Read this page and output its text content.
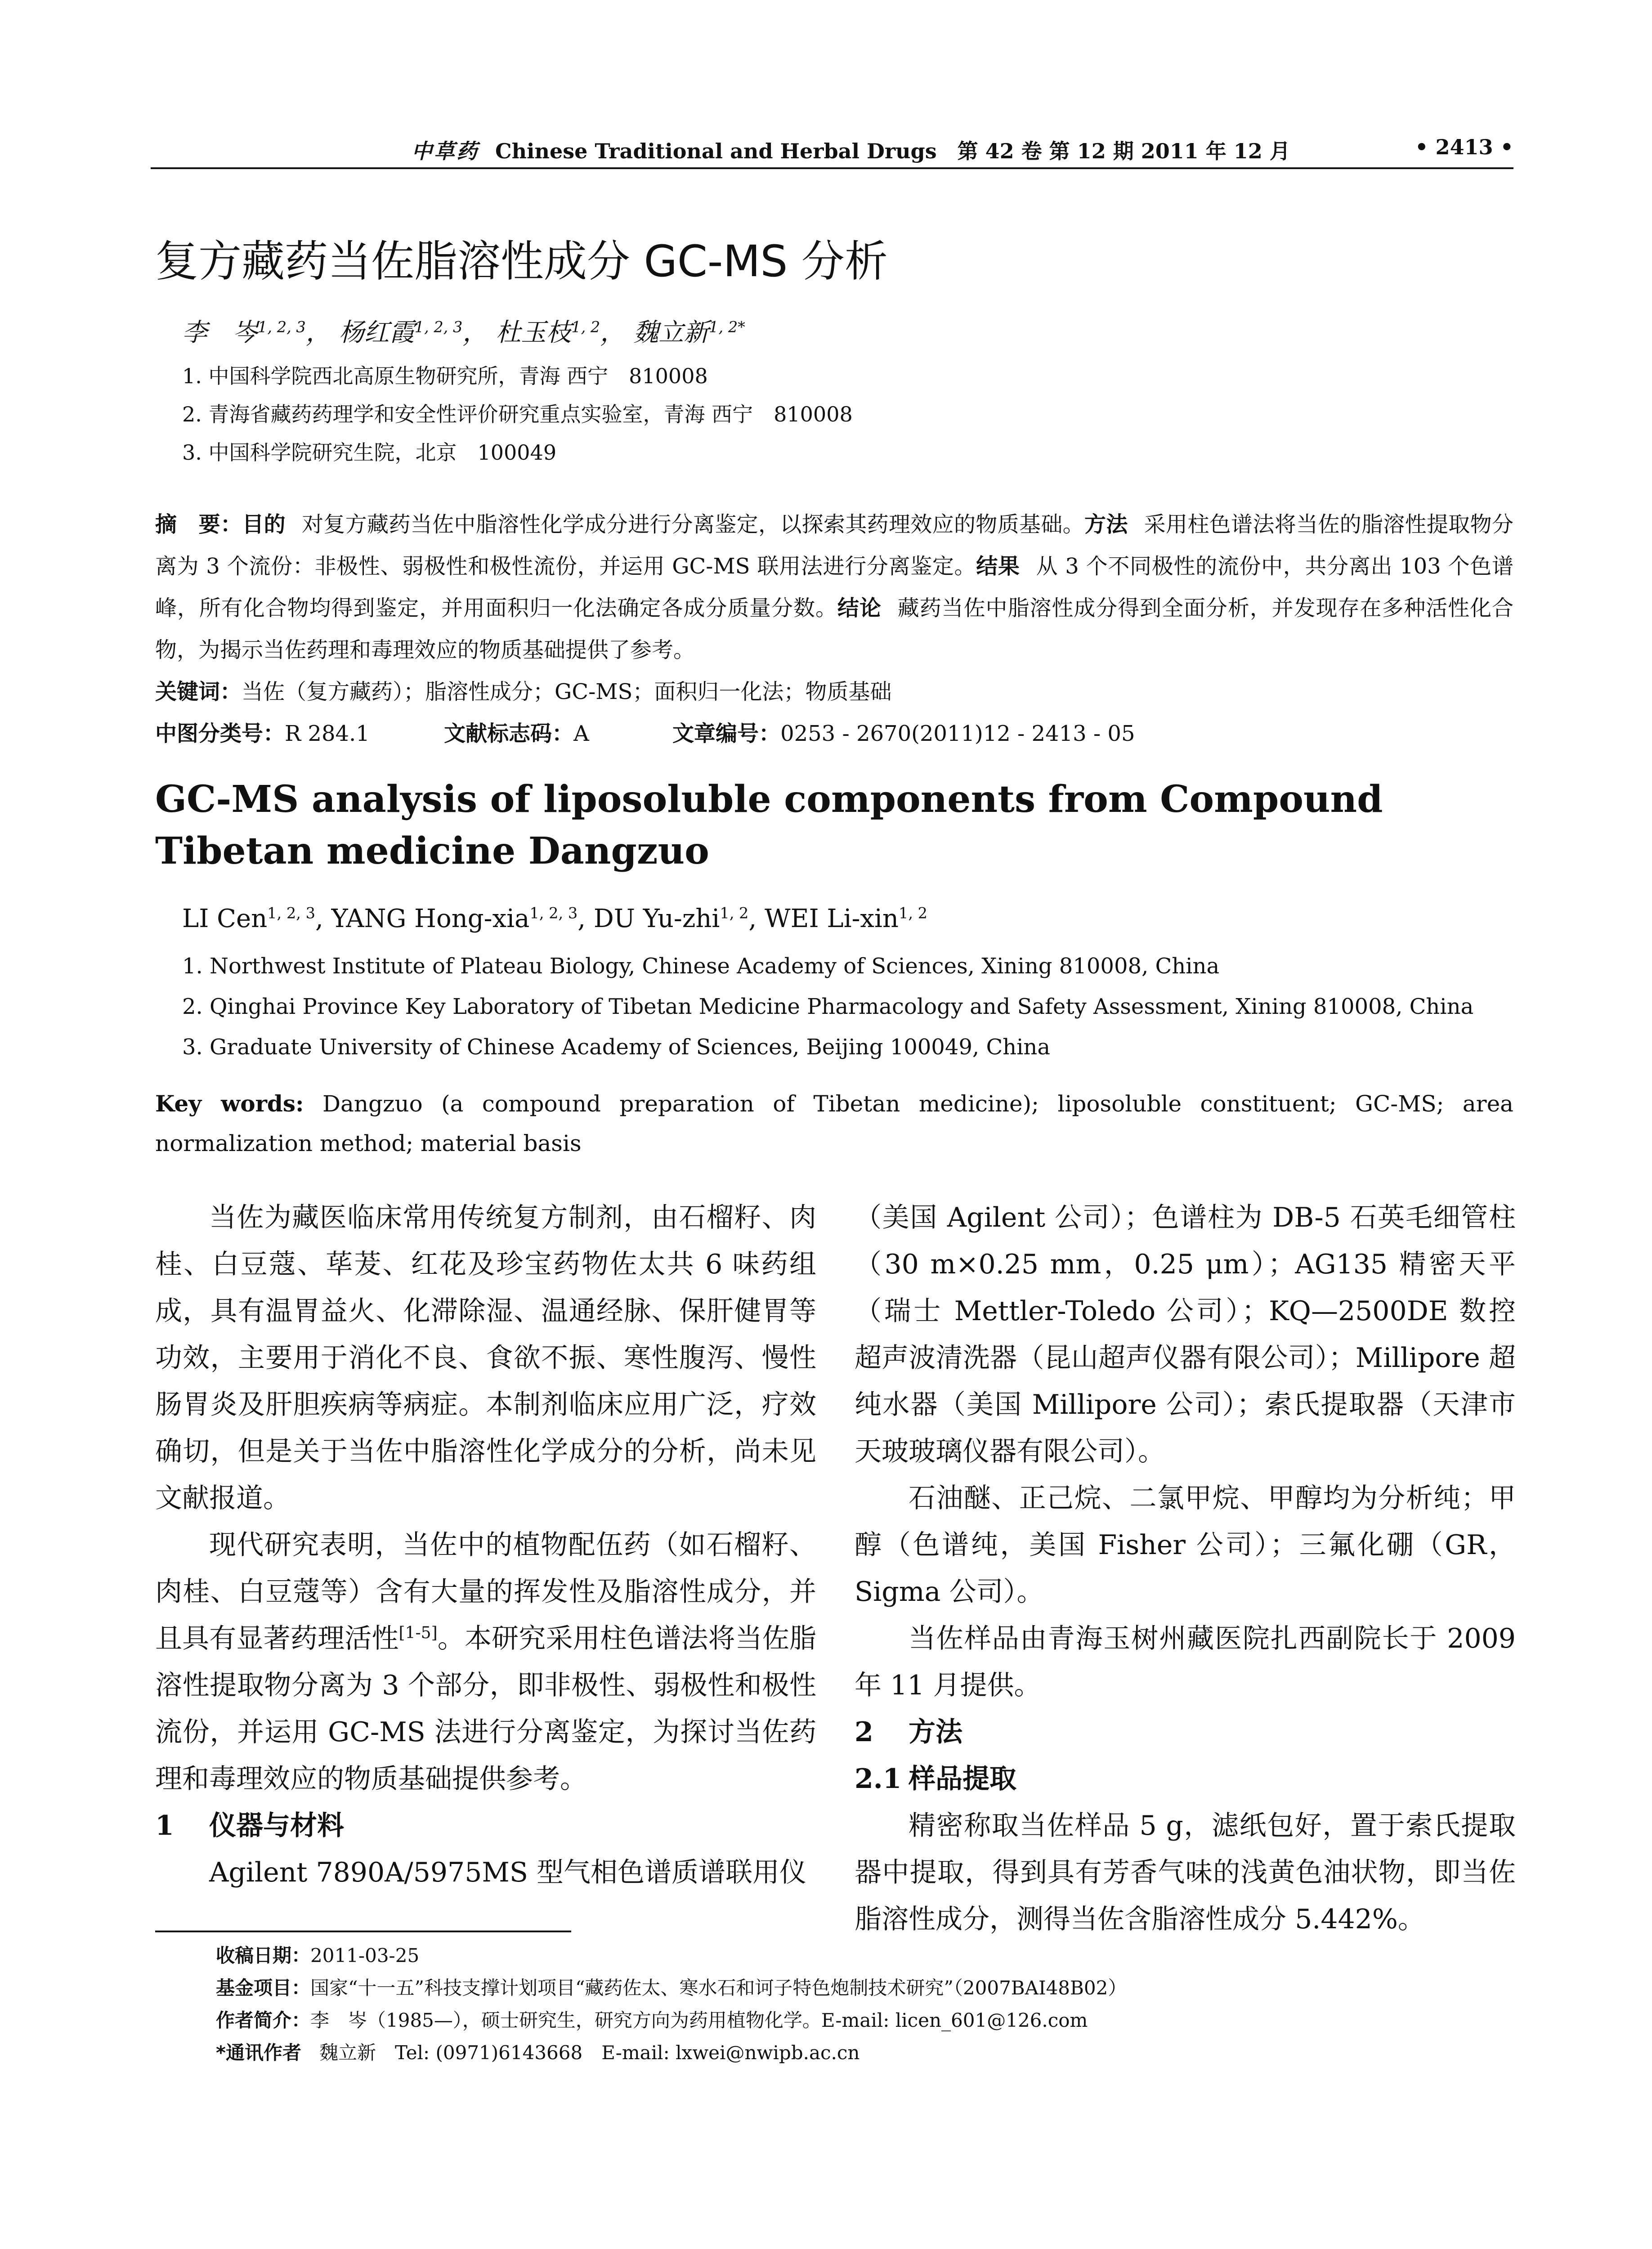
中草药 Chinese Traditional and Herbal Drugs　第 42 卷 第 12 期 2011 年 12 月	• 2413 •
复方藏药当佐脂溶性成分 GC-MS 分析
李　岑$^{1, 2, 3}$， 杨红霞$^{1, 2, 3}$， 杜玉枝$^{1, 2}$， 魏立新$^{1, 2*}$
1. 中国科学院西北高原生物研究所，青海 西宁　810008
2. 青海省藏药药理学和安全性评价研究重点实验室，青海 西宁　810008
3. 中国科学院研究生院，北京　100049

摘　要：目的 对复方藏药当佐中脂溶性化学成分进行分离鉴定，以探索其药理效应的物质基础。方法 采用柱色谱法将当佐的脂溶性提取物分离为 3 个流份：非极性、弱极性和极性流份，并运用 GC-MS 联用法进行分离鉴定。结果 从 3 个不同极性的流份中，共分离出 103 个色谱峰，所有化合物均得到鉴定，并用面积归一化法确定各成分质量分数。结论 藏药当佐中脂溶性成分得到全面分析，并发现存在多种活性化合物，为揭示当佐药理和毒理效应的物质基础提供了参考。

关键词：当佐（复方藏药）；脂溶性成分；GC-MS；面积归一化法；物质基础

中图分类号：R 284.1	文献标志码：A	文章编号：0253 - 2670(2011)12 - 2413 - 05

GC-MS analysis of liposoluble components from Compound Tibetan medicine Dangzuo
LI Cen$^{1, 2, 3}$, YANG Hong-xia$^{1, 2, 3}$, DU Yu-zhi$^{1, 2}$, WEI Li-xin$^{1, 2}$
1. Northwest Institute of Plateau Biology, Chinese Academy of Sciences, Xining 810008, China
2. Qinghai Province Key Laboratory of Tibetan Medicine Pharmacology and Safety Assessment, Xining 810008, China
3. Graduate University of Chinese Academy of Sciences, Beijing 100049, China
Key words: Dangzuo (a compound preparation of Tibetan medicine); liposoluble constituent; GC-MS; area normalization method; material basis

当佐为藏医临床常用传统复方制剂，由石榴籽、肉桂、白豆蔻、荜茇、红花及珍宝药物佐太共 6 味药组成，具有温胃益火、化滞除湿、温通经脉、保肝健胃等功效，主要用于消化不良、食欲不振、寒性腹泻、慢性肠胃炎及肝胆疾病等病症。本制剂临床应用广泛，疗效确切，但是关于当佐中脂溶性化学成分的分析，尚未见文献报道。

现代研究表明，当佐中的植物配伍药（如石榴籽、肉桂、白豆蔻等）含有大量的挥发性及脂溶性成分，并且具有显著药理活性[1-5]。本研究采用柱色谱法将当佐脂溶性提取物分离为 3 个部分，即非极性、弱极性和极性流份，并运用 GC-MS 法进行分离鉴定，为探讨当佐药理和毒理效应的物质基础提供参考。

1 仪器与材料

Agilent 7890A/5975MS 型气相色谱质谱联用仪

（美国 Agilent 公司）；色谱柱为 DB-5 石英毛细管柱（30 m×0.25 mm，0.25 μm）；AG135 精密天平（瑞士 Mettler-Toledo 公司）；KQ—2500DE 数控超声波清洗器（昆山超声仪器有限公司）；Millipore 超纯水器（美国 Millipore 公司）；索氏提取器（天津市天玻玻璃仪器有限公司）。

石油醚、正己烷、二氯甲烷、甲醇均为分析纯；甲醇（色谱纯，美国 Fisher 公司）；三氟化硼（GR，Sigma 公司）。

当佐样品由青海玉树州藏医院扎西副院长于 2009 年 11 月提供。

2 方法
2.1 样品提取

精密称取当佐样品 5 g，滤纸包好，置于索氏提取器中提取，得到具有芳香气味的浅黄色油状物，即当佐脂溶性成分，测得当佐含脂溶性成分 5.442%。

收稿日期：2011-03-25
基金项目：国家“十一五”科技支撑计划项目“藏药佐太、寒水石和诃子特色炮制技术研究”（2007BAI48B02）
作者简介：李　岑（1985—），硕士研究生，研究方向为药用植物化学。E-mail: licen_601@126.com
*通讯作者 魏立新　Tel: (0971)6143668　E-mail: lxwei@nwipb.ac.cn
